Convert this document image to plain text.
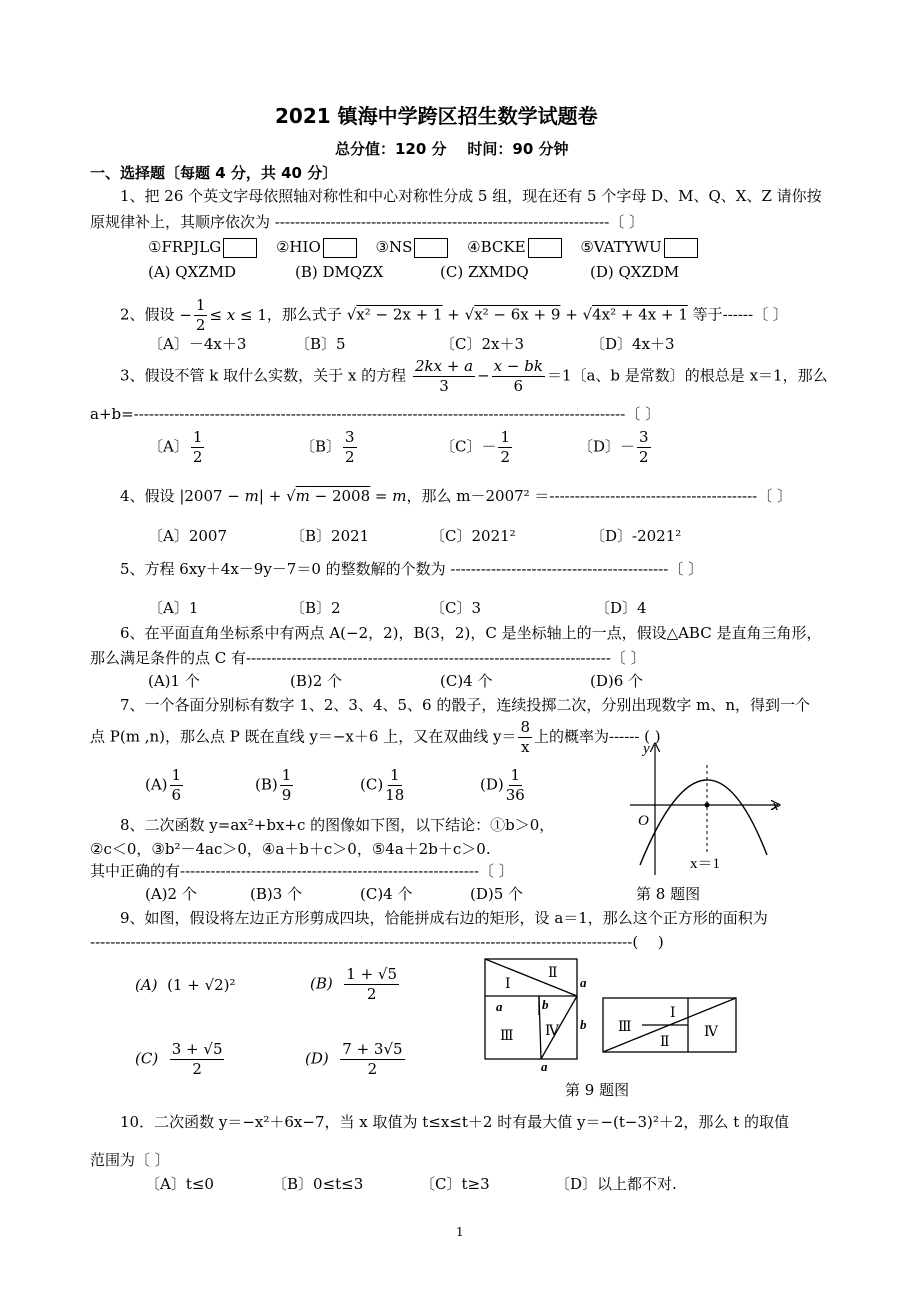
2021 镇海中学跨区招生数学试题卷
总分值：120 分    时间：90 分钟
一、选择题〔每题 4 分，共 40 分〕
1、把 26 个英文字母依照轴对称性和中心对称性分成 5 组，现在还有 5 个字母 D、M、Q、X、Z 请你按
原规律补上，其顺序依次为 ------------------------------------------------------------------〔 〕
①FRPJLG	②HIO	③NS	④BCKE	⑤VATYWU
(A) QXZMD	(B) DMQZX	(C) ZXMDQ	(D) QXZDM
2、假设 − $\frac{1}{2} \le x \le 1$，那么式子 √x² − 2x + 1 + √x² − 6x + 9 + √4x² + 4x + 1 等于------〔 〕
〔A〕－4x＋3	〔B〕5	〔C〕2x＋3	〔D〕4x＋3
3、假设不管 k 取什么实数，关于 x 的方程 $\frac{2kx + a}{3} - \frac{x - bk}{6} =1$〔a、b 是常数〕的根总是 x＝1，那么
a+b=-------------------------------------------------------------------------------------------------〔 〕
〔A〕 $\frac{1}{2}$	〔B〕 $\frac{3}{2}$	〔C〕－ $\frac{1}{2}$	〔D〕－ $\frac{3}{2}$
4、假设 |2007 − m| + √m − 2008 = m，那么 m－2007² ＝-----------------------------------------〔 〕
〔A〕2007	〔B〕2021	〔C〕2021²	〔D〕-2021²
5、方程 6xy＋4x－9y－7＝0 的整数解的个数为 -------------------------------------------〔 〕
〔A〕1	〔B〕2	〔C〕3	〔D〕4
6、在平面直角坐标系中有两点 A(−2，2)，B(3，2)，C 是坐标轴上的一点，假设△ABC 是直角三角形，
那么满足条件的点 C 有------------------------------------------------------------------------〔 〕
(A)1 个	(B)2 个	(C)4 个	(D)6 个
7、一个各面分别标有数字 1、2、3、4、5、6 的骰子，连续投掷二次，分别出现数字 m、n，得到一个
点 P(m ,n)，那么点 P 既在直线 y＝−x＋6 上，又在双曲线 $y= \frac{8}{x}$ 上的概率为------ ( )
$(A) \frac{1}{6}$	$(B) \frac{1}{9}$	$(C) \frac{1}{18}$	$(D) \frac{1}{36}$
8、二次函数 y=ax²+bx+c 的图像如下图，以下结论：①b＞0，
②c＜0，③b²－4ac＞0，④a＋b＋c＞0，⑤4a＋2b＋c＞0.
其中正确的有-----------------------------------------------------------〔 〕
(A)2 个	(B)3 个	(C)4 个	(D)5 个
y
x
O
x＝1
第 8 题图
9、如图，假设将左边正方形剪成四块，恰能拼成右边的矩形，设 a＝1，那么这个正方形的面积为
-----------------------------------------------------------------------------------------------------------( 　)
(A)  (1 + √2)²	$(B) \frac{1 + √5}{2}$
$(C) \frac{3 + √5}{2}$	$(D) \frac{7 + 3√5}{2}$
Ⅰ
Ⅱ
Ⅲ Ⅳ
a
b
a	b
a
Ⅲ
Ⅰ
Ⅱ
Ⅳ
第 9 题图
10．二次函数 y＝−x²＋6x−7，当 x 取值为 t≤x≤t＋2 时有最大值 y＝−(t−3)²＋2，那么 t 的取值
范围为〔 〕
〔A〕t≤0	〔B〕0≤t≤3	〔C〕t≥3	〔D〕以上都不对.
1
